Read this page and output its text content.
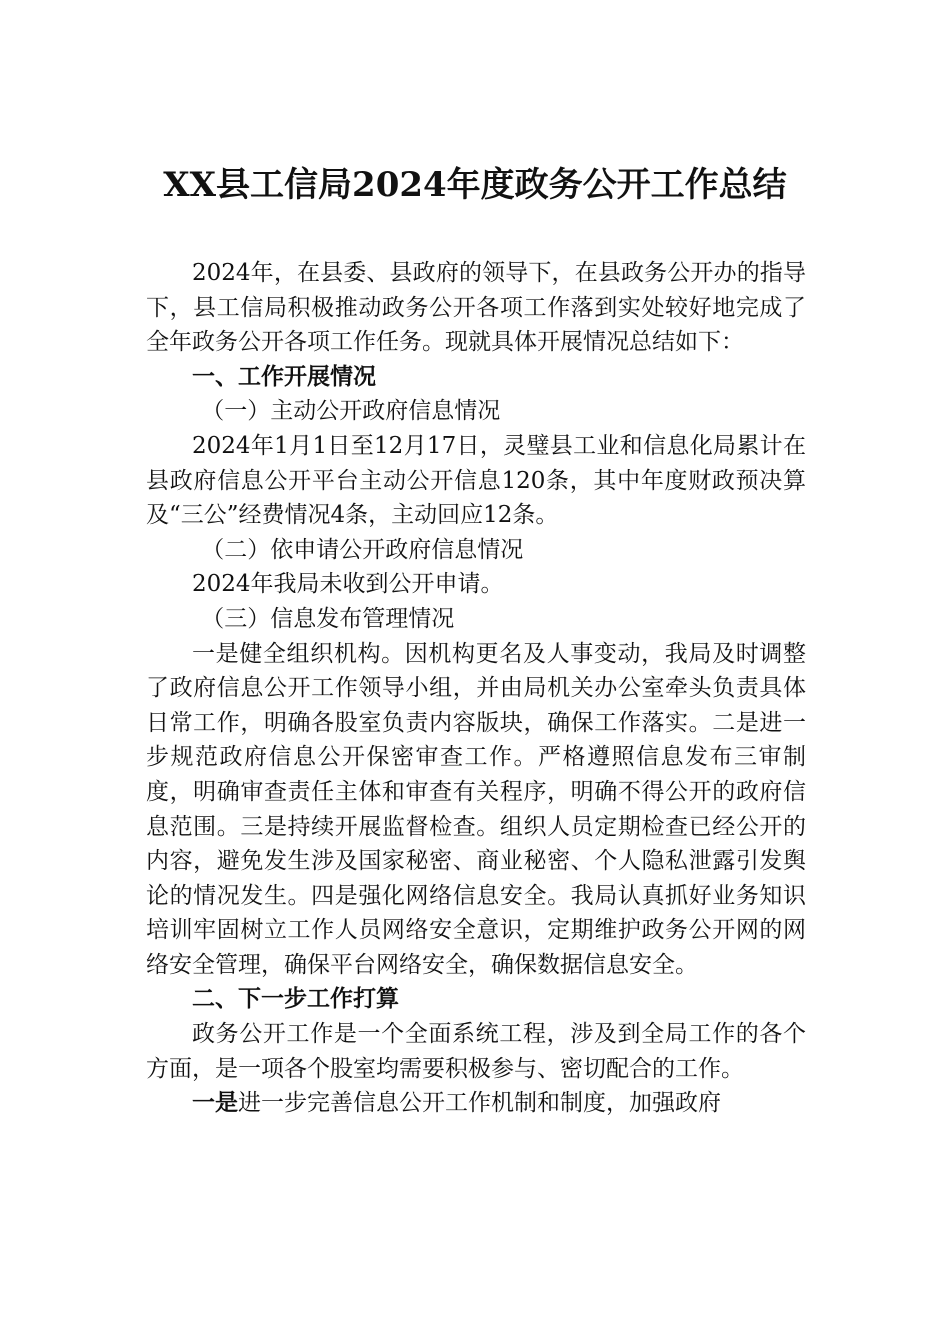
XX县工信局2024年度政务公开工作总结

2024年，在县委、县政府的领导下，在县政务公开办的指导下，县工信局积极推动政务公开各项工作落到实处较好地完成了全年政务公开各项工作任务。现就具体开展情况总结如下：

一、工作开展情况

（一）主动公开政府信息情况

2024年1月1日至12月17日，灵璧县工业和信息化局累计在县政府信息公开平台主动公开信息120条，其中年度财政预决算及“三公”经费情况4条，主动回应12条。

（二）依申请公开政府信息情况

2024年我局未收到公开申请。

（三）信息发布管理情况

一是健全组织机构。因机构更名及人事变动，我局及时调整了政府信息公开工作领导小组，并由局机关办公室牵头负责具体日常工作，明确各股室负责内容版块，确保工作落实。二是进一步规范政府信息公开保密审查工作。严格遵照信息发布三审制度，明确审查责任主体和审查有关程序，明确不得公开的政府信息范围。三是持续开展监督检查。组织人员定期检查已经公开的内容，避免发生涉及国家秘密、商业秘密、个人隐私泄露引发舆论的情况发生。四是强化网络信息安全。我局认真抓好业务知识培训牢固树立工作人员网络安全意识，定期维护政务公开网的网络安全管理，确保平台网络安全，确保数据信息安全。

二、下一步工作打算

政务公开工作是一个全面系统工程，涉及到全局工作的各个方面，是一项各个股室均需要积极参与、密切配合的工作。

一是进一步完善信息公开工作机制和制度，加强政府
